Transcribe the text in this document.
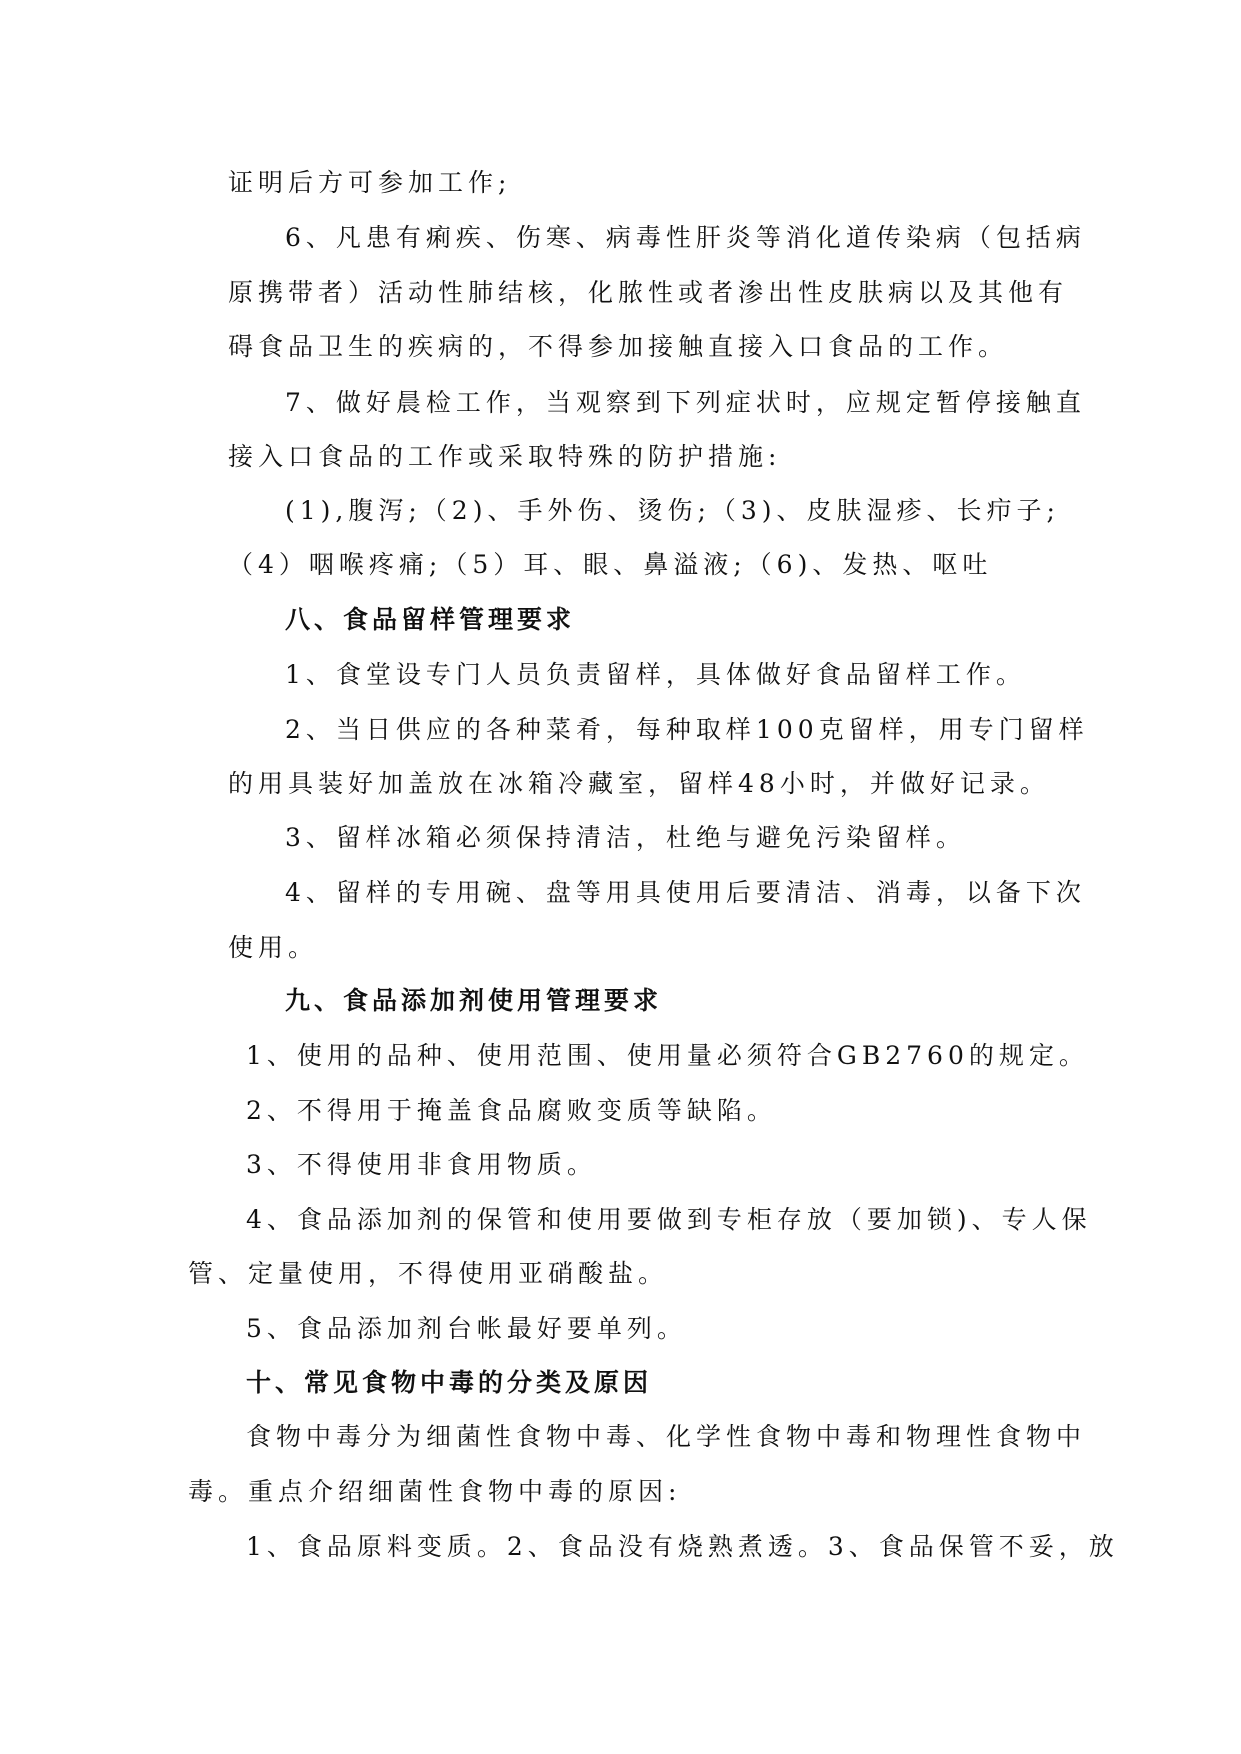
证明后方可参加工作;
6、凡患有痢疾、伤寒、病毒性肝炎等消化道传染病（包括病
原携带者）活动性肺结核，化脓性或者渗出性皮肤病以及其他有
碍食品卫生的疾病的，不得参加接触直接入口食品的工作。
7、做好晨检工作，当观察到下列症状时，应规定暂停接触直
接入口食品的工作或采取特殊的防护措施:
(1),腹泻;（2)、手外伤、烫伤;（3)、皮肤湿疹、长疖子;
（4）咽喉疼痛;（5）耳、眼、鼻溢液;（6)、发热、呕吐
八、食品留样管理要求
1、食堂设专门人员负责留样，具体做好食品留样工作。
2、当日供应的各种菜肴，每种取样100克留样，用专门留样
的用具装好加盖放在冰箱冷藏室，留样48小时，并做好记录。
3、留样冰箱必须保持清洁，杜绝与避免污染留样。
4、留样的专用碗、盘等用具使用后要清洁、消毒，以备下次
使用。
九、食品添加剂使用管理要求
1、使用的品种、使用范围、使用量必须符合GB2760的规定。
2、不得用于掩盖食品腐败变质等缺陷。
3、不得使用非食用物质。
4、食品添加剂的保管和使用要做到专柜存放（要加锁)、专人保
管、定量使用，不得使用亚硝酸盐。
5、食品添加剂台帐最好要单列。
十、常见食物中毒的分类及原因
食物中毒分为细菌性食物中毒、化学性食物中毒和物理性食物中
毒。重点介绍细菌性食物中毒的原因:
1、食品原料变质。2、食品没有烧熟煮透。3、食品保管不妥，放
